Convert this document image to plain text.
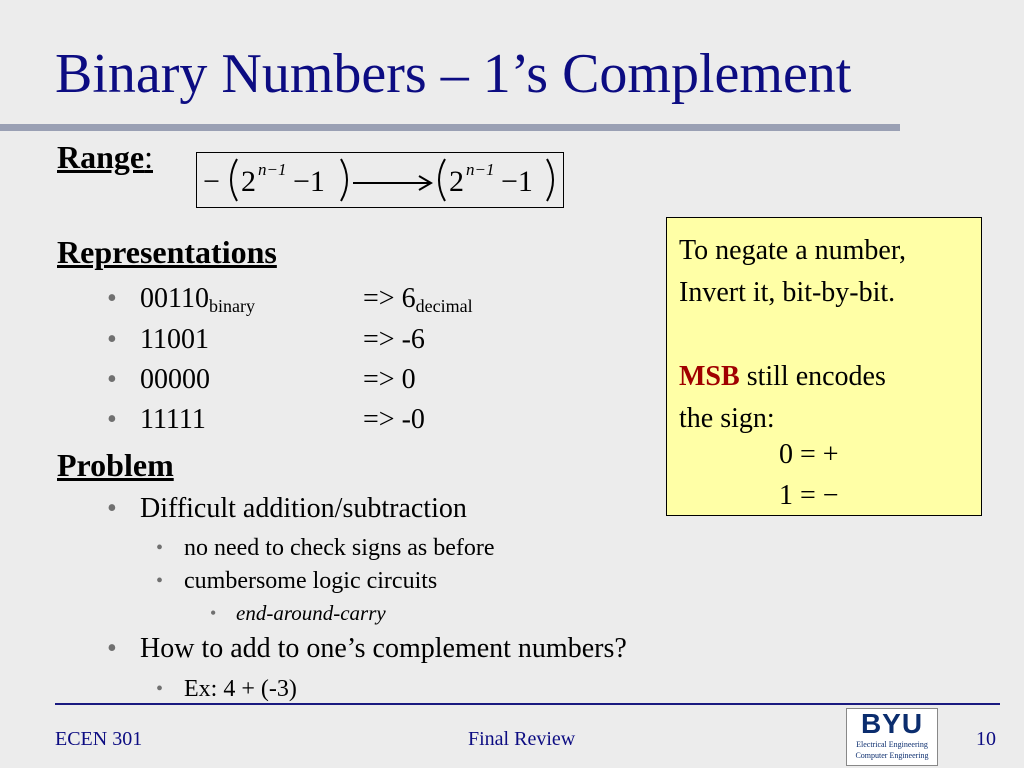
Binary Numbers – 1’s Complement
Range:
− 2 n−1 −1	2 n−1 −1
Representations
• $00110_{binary}$	=> $6_{decimal}$
• 11001	=> -6
• 00000	=> 0
• 11111	=> -0
Problem
• Difficult addition/subtraction
• no need to check signs as before
• cumbersome logic circuits
• end-around-carry
• How to add to one’s complement numbers?
• Ex: 4 + (-3)

To negate a number,

Invert it, bit-by-bit.

MSB still encodes

the sign:

0 = +
1 = −
ECEN 301	Final Review	10
BYU
Electrical Engineering
Computer Engineering
